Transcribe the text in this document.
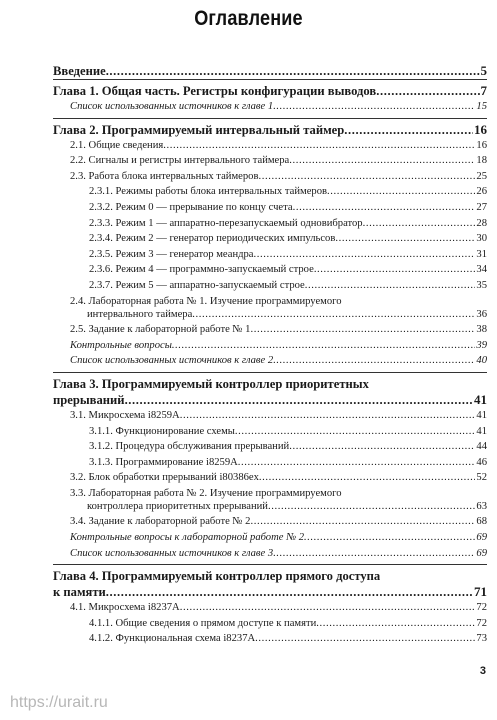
Оглавление
Введение .....	5
Глава 1. Общая часть. Регистры конфигурации выводов .....	7
Список использованных источников к главе 1 .....	15
Глава 2. Программируемый интервальный таймер .....	16
2.1. Общие сведения .....	16
2.2. Сигналы и регистры интервального таймера .....	18
2.3. Работа блока интервальных таймеров .....	25
2.3.1. Режимы работы блока интервальных таймеров .....	26
2.3.2. Режим 0 — прерывание по концу счета .....	27
2.3.3. Режим 1 — аппаратно-перезапускаемый одновибратор .....	28
2.3.4. Режим 2 — генератор периодических импульсов .....	30
2.3.5. Режим 3 — генератор меандра .....	31
2.3.6. Режим 4 — программно-запускаемый строе .....	34
2.3.7. Режим 5 — аппаратно-запускаемый строе .....	35
2.4. Лабораторная работа № 1. Изучение программируемого
интервального таймера .....	36
2.5. Задание к лабораторной работе № 1 .....	38
Контрольные вопросы .....	39
Список использованных источников к главе 2 .....	40
Глава 3. Программируемый контроллер приоритетных
прерываний .....	41
3.1. Микросхема i8259A .....	41
3.1.1. Функционирование схемы .....	41
3.1.2. Процедура обслуживания прерываний .....	44
3.1.3. Программирование i8259A .....	46
3.2. Блок обработки прерываний i80386ex .....	52
3.3. Лабораторная работа № 2. Изучение программируемого
контроллера приоритетных прерываний .....	63
3.4. Задание к лабораторной работе № 2 .....	68
Контрольные вопросы к лабораторной работе № 2 .....	69
Список использованных источников к главе 3 .....	69
Глава 4. Программируемый контроллер прямого доступа
к памяти .....	71
4.1. Микросхема i8237A .....	72
4.1.1. Общие сведения о прямом доступе к памяти .....	72
4.1.2. Функциональная схема i8237A .....	73
3
https://urait.ru
